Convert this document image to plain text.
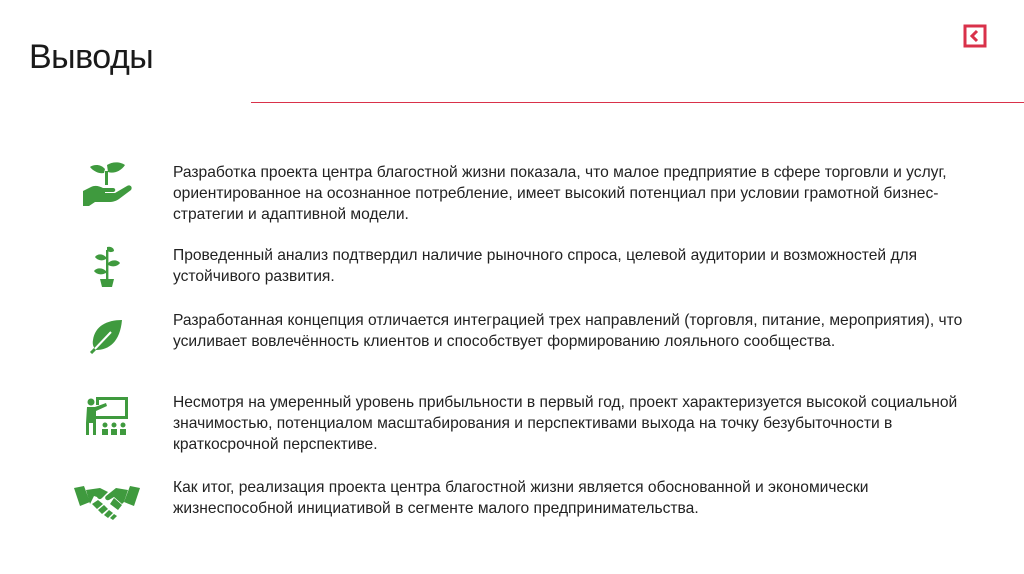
Выводы
Разработка проекта центра благостной жизни показала, что малое предприятие в сфере торговли и услуг, ориентированное на осознанное потребление, имеет высокий потенциал при условии грамотной бизнес-стратегии и адаптивной модели.
Проведенный анализ подтвердил наличие рыночного спроса, целевой аудитории и возможностей для устойчивого развития.
Разработанная концепция отличается интеграцией трех направлений (торговля, питание, мероприятия), что усиливает вовлечённость клиентов и способствует формированию лояльного сообщества.
Несмотря на умеренный уровень прибыльности в первый год, проект характеризуется высокой социальной значимостью, потенциалом масштабирования и перспективами выхода на точку безубыточности в краткосрочной перспективе.
Как итог, реализация проекта центра благостной жизни является обоснованной и экономически жизнеспособной инициативой в сегменте малого предпринимательства.
